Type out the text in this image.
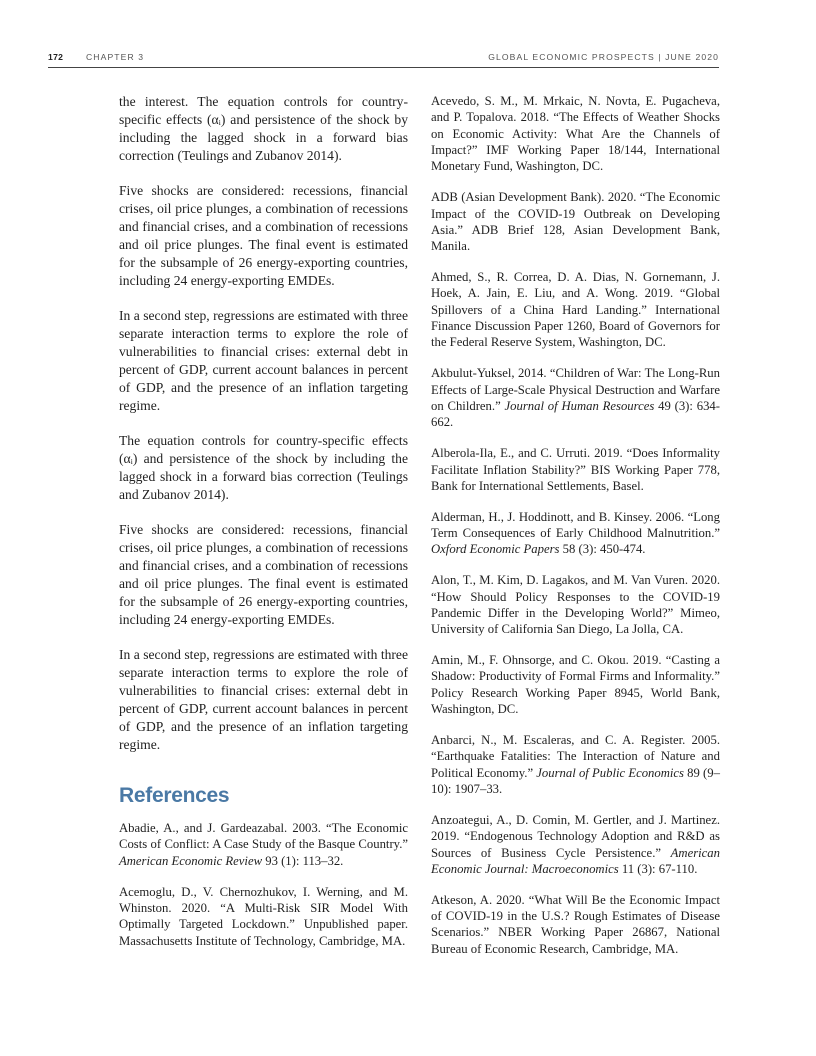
172	CHAPTER 3	GLOBAL ECONOMIC PROSPECTS | JUNE 2020

the interest. The equation controls for country-specific effects (αᵢ) and persistence of the shock by including the lagged shock in a forward bias correction (Teulings and Zubanov 2014).

Five shocks are considered: recessions, financial crises, oil price plunges, a combination of recessions and financial crises, and a combination of recessions and oil price plunges. The final event is estimated for the subsample of 26 energy-exporting countries, including 24 energy-exporting EMDEs.

In a second step, regressions are estimated with three separate interaction terms to explore the role of vulnerabilities to financial crises: external debt in percent of GDP, current account balances in percent of GDP, and the presence of an inflation targeting regime.

The equation controls for country-specific effects (αᵢ) and persistence of the shock by including the lagged shock in a forward bias correction (Teulings and Zubanov 2014).

Five shocks are considered: recessions, financial crises, oil price plunges, a combination of recessions and financial crises, and a combination of recessions and oil price plunges. The final event is estimated for the subsample of 26 energy-exporting countries, including 24 energy-exporting EMDEs.

In a second step, regressions are estimated with three separate interaction terms to explore the role of vulnerabilities to financial crises: external debt in percent of GDP, current account balances in percent of GDP, and the presence of an inflation targeting regime.

References

Abadie, A., and J. Gardeazabal. 2003. “The Economic Costs of Conflict: A Case Study of the Basque Country.” American Economic Review 93 (1): 113–32.

Acemoglu, D., V. Chernozhukov, I. Werning, and M. Whinston. 2020. “A Multi-Risk SIR Model With Optimally Targeted Lockdown.” Unpublished paper. Massachusetts Institute of Technology, Cambridge, MA.

Acevedo, S. M., M. Mrkaic, N. Novta, E. Pugacheva, and P. Topalova. 2018. “The Effects of Weather Shocks on Economic Activity: What Are the Channels of Impact?” IMF Working Paper 18/144, International Monetary Fund, Washington, DC.

ADB (Asian Development Bank). 2020. “The Economic Impact of the COVID-19 Outbreak on Developing Asia.” ADB Brief 128, Asian Development Bank, Manila.

Ahmed, S., R. Correa, D. A. Dias, N. Gornemann, J. Hoek, A. Jain, E. Liu, and A. Wong. 2019. “Global Spillovers of a China Hard Landing.” International Finance Discussion Paper 1260, Board of Governors for the Federal Reserve System, Washington, DC.

Akbulut-Yuksel, 2014. “Children of War: The Long-Run Effects of Large-Scale Physical Destruction and Warfare on Children.” Journal of Human Resources 49 (3): 634-662.

Alberola-Ila, E., and C. Urruti. 2019. “Does Informality Facilitate Inflation Stability?” BIS Working Paper 778, Bank for International Settlements, Basel.

Alderman, H., J. Hoddinott, and B. Kinsey. 2006. “Long Term Consequences of Early Childhood Malnutrition.” Oxford Economic Papers 58 (3): 450-474.

Alon, T., M. Kim, D. Lagakos, and M. Van Vuren. 2020. “How Should Policy Responses to the COVID-19 Pandemic Differ in the Developing World?” Mimeo, University of California San Diego, La Jolla, CA.

Amin, M., F. Ohnsorge, and C. Okou. 2019. “Casting a Shadow: Productivity of Formal Firms and Informality.” Policy Research Working Paper 8945, World Bank, Washington, DC.

Anbarci, N., M. Escaleras, and C. A. Register. 2005. “Earthquake Fatalities: The Interaction of Nature and Political Economy.” Journal of Public Economics 89 (9–10): 1907–33.

Anzoategui, A., D. Comin, M. Gertler, and J. Martinez. 2019. “Endogenous Technology Adoption and R&D as Sources of Business Cycle Persistence.” American Economic Journal: Macroeconomics 11 (3): 67-110.

Atkeson, A. 2020. “What Will Be the Economic Impact of COVID-19 in the U.S.? Rough Estimates of Disease Scenarios.” NBER Working Paper 26867, National Bureau of Economic Research, Cambridge, MA.
